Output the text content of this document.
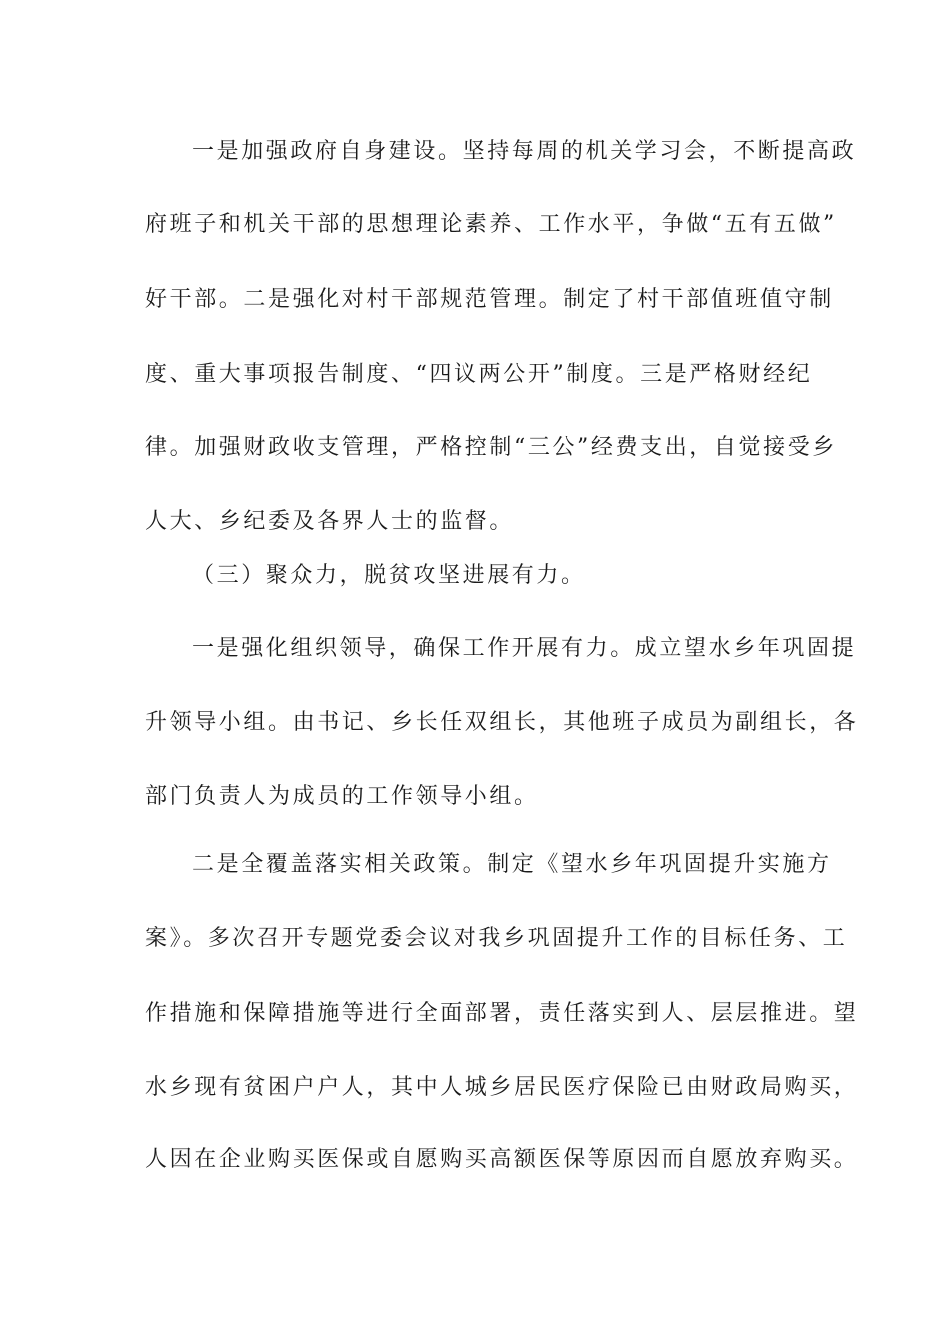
一是加强政府自身建设。坚持每周的机关学习会，不断提高政
府班子和机关干部的思想理论素养、工作水平，争做“五有五做”
好干部。二是强化对村干部规范管理。制定了村干部值班值守制
度、重大事项报告制度、“四议两公开”制度。三是严格财经纪
律。加强财政收支管理，严格控制“三公”经费支出，自觉接受乡
人大、乡纪委及各界人士的监督。
（三）聚众力，脱贫攻坚进展有力。
一是强化组织领导，确保工作开展有力。成立望水乡年巩固提
升领导小组。由书记、乡长任双组长，其他班子成员为副组长，各
部门负责人为成员的工作领导小组。
二是全覆盖落实相关政策。制定《望水乡年巩固提升实施方
案》。多次召开专题党委会议对我乡巩固提升工作的目标任务、工
作措施和保障措施等进行全面部署，责任落实到人、层层推进。望
水乡现有贫困户户人，其中人城乡居民医疗保险已由财政局购买，
人因在企业购买医保或自愿购买高额医保等原因而自愿放弃购买。
